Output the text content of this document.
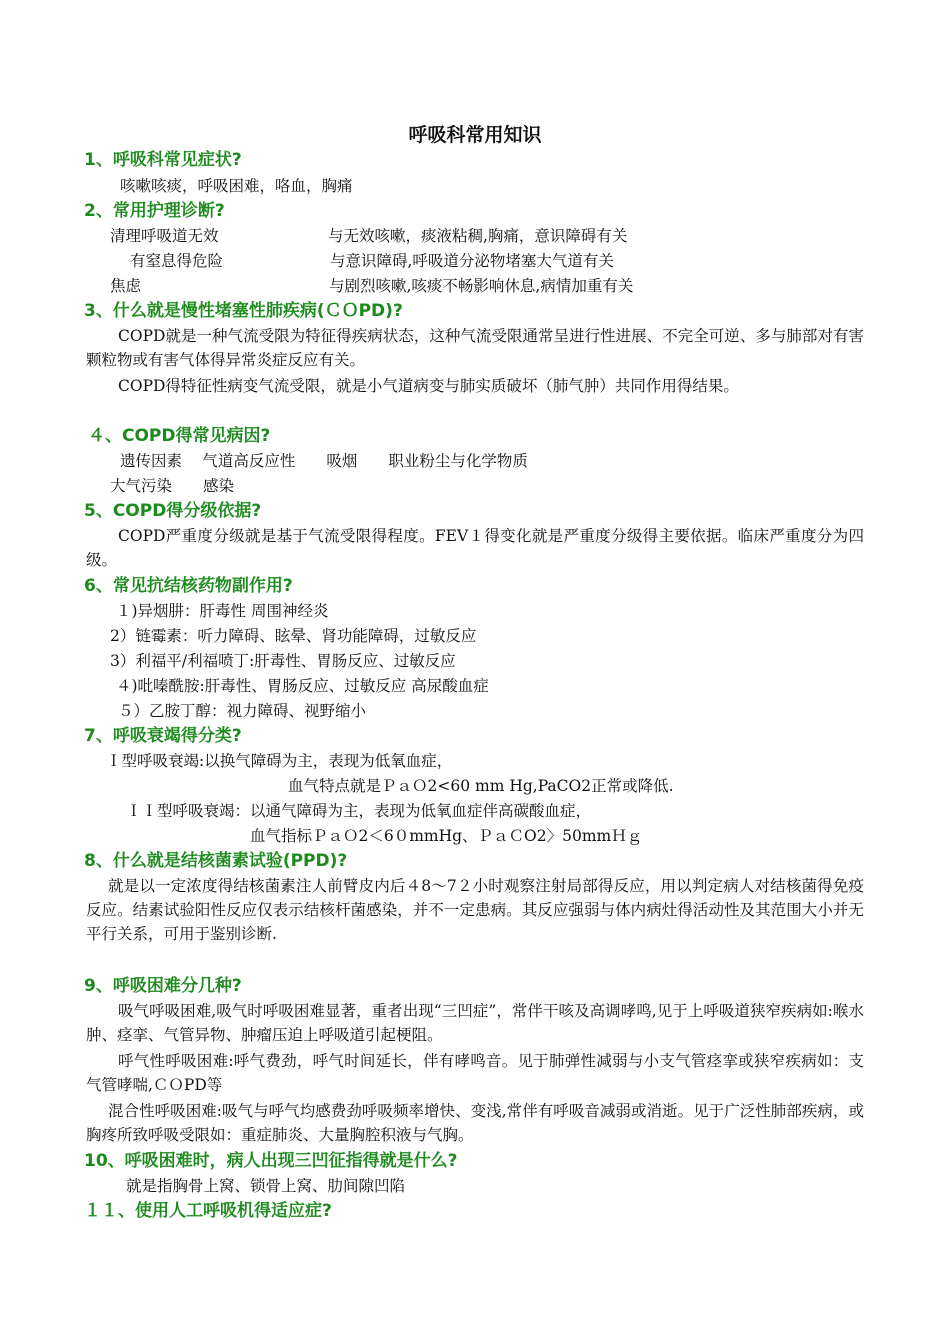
呼吸科常用知识
1、呼吸科常见症状?
咳嗽咳痰，呼吸困难，咯血，胸痛
2、常用护理诊断?
清理呼吸道无效	与无效咳嗽，痰液粘稠,胸痛，意识障碍有关
有窒息得危险	与意识障碍,呼吸道分泌物堵塞大气道有关
焦虑	与剧烈咳嗽,咳痰不畅影响休息,病情加重有关
3、什么就是慢性堵塞性肺疾病(ＣＯPD)?
COPD就是一种气流受限为特征得疾病状态，这种气流受限通常呈进行性进展、不完全可逆、多与肺部对有害颗粒物或有害气体得异常炎症反应有关。
COPD得特征性病变气流受限，就是小气道病变与肺实质破坏（肺气肿）共同作用得结果。
４、COPD得常见病因?
遗传因素　 气道高反应性　　吸烟　　职业粉尘与化学物质
大气污染　　感染
5、COPD得分级依据?
COPD严重度分级就是基于气流受限得程度。FEV１得变化就是严重度分级得主要依据。临床严重度分为四级。
6、常见抗结核药物副作用?
１)异烟肼：肝毒性 周围神经炎
2）链霉素：听力障碍、眩晕、肾功能障碍，过敏反应
3）利福平/利福喷丁:肝毒性、胃肠反应、过敏反应
４)吡嗪酰胺:肝毒性、胃肠反应、过敏反应 高尿酸血症
５）乙胺丁醇：视力障碍、视野缩小
7、呼吸衰竭得分类?
Ｉ型呼吸衰竭:以换气障碍为主，表现为低氧血症，
血气特点就是ＰａＯ2<60 mm Hg,PaCO2正常或降低.
ＩＩ型呼吸衰竭：以通气障碍为主，表现为低氧血症伴高碳酸血症，
血气指标ＰａＯ2＜6０mmHg、ＰａＣO2〉50mmＨｇ
8、什么就是结核菌素试验(PPD)?
就是以一定浓度得结核菌素注人前臂皮内后４8～7２小时观察注射局部得反应，用以判定病人对结核菌得免疫反应。结素试验阳性反应仅表示结核杆菌感染，并不一定患病。其反应强弱与体内病灶得活动性及其范围大小并无平行关系，可用于鉴别诊断.
9、呼吸困难分几种?
吸气呼吸困难,吸气时呼吸困难显著，重者出现“三凹症”，常伴干咳及高调哮鸣,见于上呼吸道狭窄疾病如:喉水肿、痉挛、气管异物、肿瘤压迫上呼吸道引起梗阻。
呼气性呼吸困难:呼气费劲，呼气时间延长，伴有哮鸣音。见于肺弹性减弱与小支气管痉挛或狭窄疾病如：支气管哮喘,ＣＯPD等
混合性呼吸困难:吸气与呼气均感费劲呼吸频率增快、变浅,常伴有呼吸音减弱或消逝。见于广泛性肺部疾病，或胸疼所致呼吸受限如：重症肺炎、大量胸腔积液与气胸。
10、呼吸困难时，病人出现三凹征指得就是什么?
就是指胸骨上窝、锁骨上窝、肋间隙凹陷
１１、使用人工呼吸机得适应症?
